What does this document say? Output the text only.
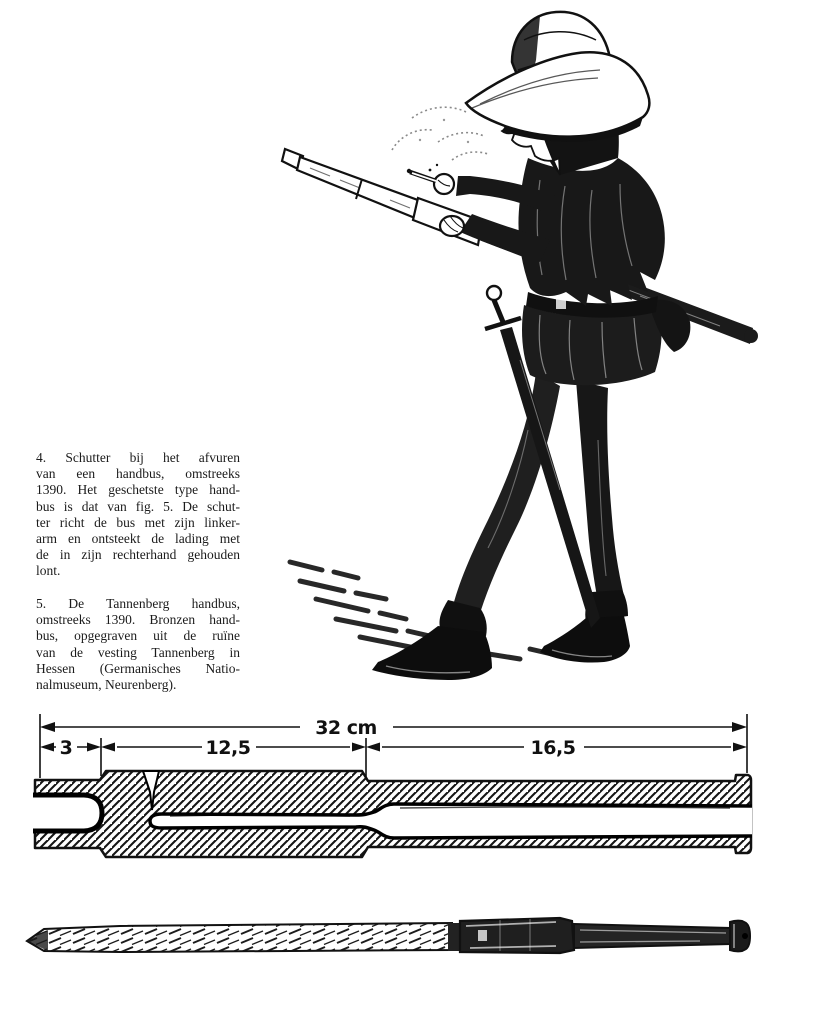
32 cm
3	12,5	16,5
4. Schutter bij het afvuren
van een handbus, omstreeks
1390. Het geschetste type hand-
bus is dat van fig. 5. De schut-
ter richt de bus met zijn linker-
arm en ontsteekt de lading met
de in zijn rechterhand gehouden
lont.
5. De Tannenberg handbus,
omstreeks 1390. Bronzen hand-
bus, opgegraven uit de ruïne
van de vesting Tannenberg in
Hessen (Germanisches Natio-
nalmuseum, Neurenberg).
